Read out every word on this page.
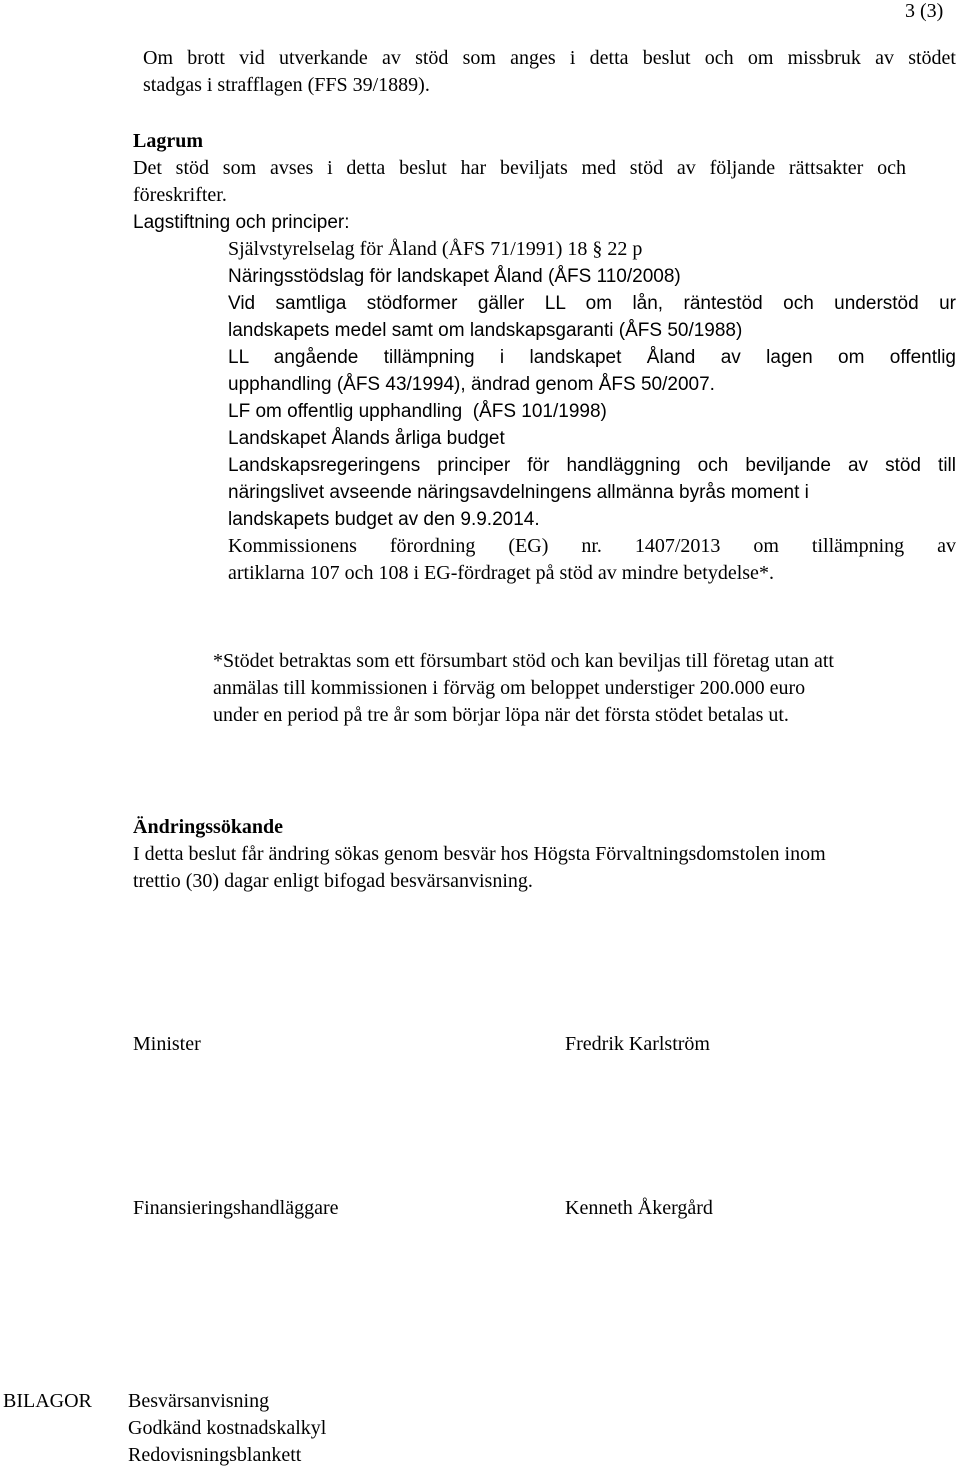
3 (3)

Om brott vid utverkande av stöd som anges i detta beslut och om missbruk av stödet

stadgas i strafflagen (FFS 39/1889).

Lagrum

Det stöd som avses i detta beslut har beviljats med stöd av följande rättsakter och

föreskrifter.

Lagstiftning och principer:

Självstyrelselag för Åland (ÅFS 71/1991) 18 § 22 p

Näringsstödslag för landskapet Åland (ÅFS 110/2008)

Vid samtliga stödformer gäller LL om lån, räntestöd och understöd ur

landskapets medel samt om landskapsgaranti (ÅFS 50/1988)

LL angående tillämpning i landskapet Åland av lagen om offentlig

upphandling (ÅFS 43/1994), ändrad genom ÅFS 50/2007.

LF om offentlig upphandling  (ÅFS 101/1998)

Landskapet Ålands årliga budget

Landskapsregeringens principer för handläggning och beviljande av stöd till

näringslivet avseende näringsavdelningens allmänna byrås moment i

landskapets budget av den 9.9.2014.

Kommissionens förordning (EG) nr. 1407/2013 om tillämpning av

artiklarna 107 och 108 i EG-fördraget på stöd av mindre betydelse*.

*Stödet betraktas som ett försumbart stöd och kan beviljas till företag utan att

anmälas till kommissionen i förväg om beloppet understiger 200.000 euro

under en period på tre år som börjar löpa när det första stödet betalas ut.

Ändringssökande

I detta beslut får ändring sökas genom besvär hos Högsta Förvaltningsdomstolen inom

trettio (30) dagar enligt bifogad besvärsanvisning.

Minister	Fredrik Karlström
Finansieringshandläggare	Kenneth Åkergård
BILAGOR Besvärsanvisning

Godkänd kostnadskalkyl

Redovisningsblankett
